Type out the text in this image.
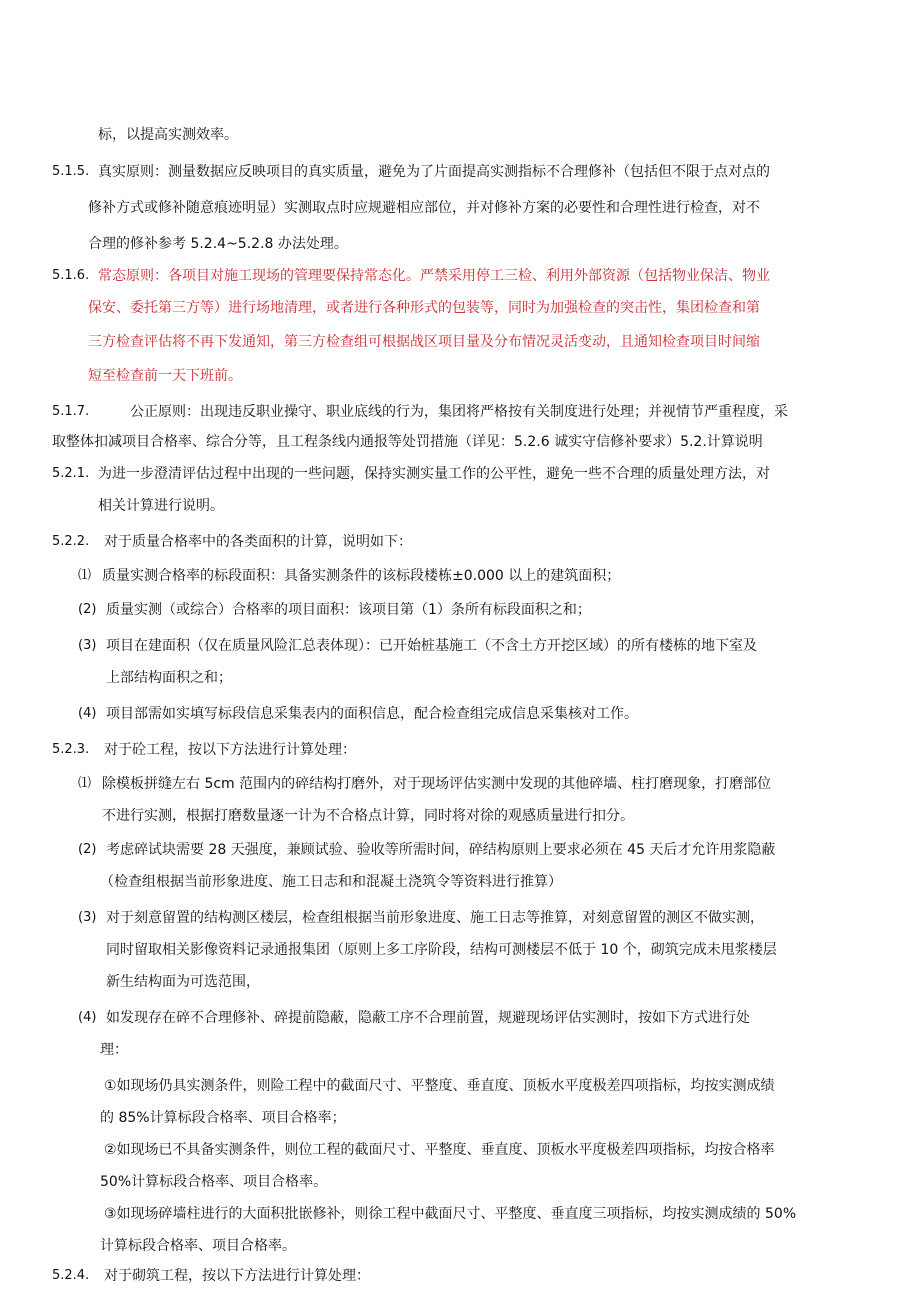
标，以提高实测效率。
5.1.5. 真实原则：测量数据应反映项目的真实质量，避免为了片面提高实测指标不合理修补（包括但不限于点对点的
修补方式或修补随意痕迹明显）实测取点时应规避相应部位，并对修补方案的必要性和合理性进行检查，对不
合理的修补参考 5.2.4~5.2.8 办法处理。
5.1.6. 常态原则：各项目对施工现场的管理要保持常态化。严禁采用停工三检、利用外部资源（包括物业保洁、物业
保安、委托第三方等）进行场地清理，或者进行各种形式的包装等，同时为加强检查的突击性，集团检查和第
三方检查评估将不再下发通知，第三方检查组可根据战区项目量及分布情况灵活变动，且通知检查项目时间缩
短至检查前一天下班前。
5.1.7.	公正原则：出现违反职业操守、职业底线的行为，集团将严格按有关制度进行处理；并视情节严重程度，采
取整体扣减项目合格率、综合分等，且工程条线内通报等处罚措施（详见：5.2.6 诚实守信修补要求）5.2.计算说明
5.2.1. 为进一步澄清评估过程中出现的一些问题，保持实测实量工作的公平性，避免一些不合理的质量处理方法，对
相关计算进行说明。
5.2.2. 对于质量合格率中的各类面积的计算，说明如下：
⑴ 质量实测合格率的标段面积：具备实测条件的该标段楼栋±0.000 以上的建筑面积；
(2) 质量实测（或综合）合格率的项目面积：该项目第（1）条所有标段面积之和；
(3) 项目在建面积（仅在质量风险汇总表体现）：已开始桩基施工（不含土方开挖区域）的所有楼栋的地下室及
上部结构面积之和；
(4) 项目部需如实填写标段信息采集表内的面积信息，配合检查组完成信息采集核对工作。
5.2.3. 对于砼工程，按以下方法进行计算处理：
⑴ 除模板拼缝左右 5cm 范围内的碎结构打磨外，对于现场评估实测中发现的其他碎墙、柱打磨现象，打磨部位
不进行实测，根据打磨数量逐一计为不合格点计算，同时将对徐的观感质量进行扣分。
(2) 考虑碎试块需要 28 天强度，兼顾试验、验收等所需时间，碎结构原则上要求必须在 45 天后才允许用浆隐蔽
（检查组根据当前形象进度、施工日志和和混凝土浇筑令等资料进行推算）
(3) 对于刻意留置的结构测区楼层，检查组根据当前形象进度、施工日志等推算，对刻意留置的测区不做实测，
同时留取相关影像资料记录通报集团（原则上多工序阶段，结构可测楼层不低于 10 个，砌筑完成未甩浆楼层
新生结构面为可选范围，
(4) 如发现存在碎不合理修补、碎提前隐蔽，隐蔽工序不合理前置，规避现场评估实测时，按如下方式进行处
理：
①如现场仍具实测条件，则险工程中的截面尺寸、平整度、垂直度、顶板水平度极差四项指标，均按实测成绩
的 85%计算标段合格率、项目合格率；
②如现场已不具备实测条件，则位工程的截面尺寸、平整度、垂直度、顶板水平度极差四项指标，均按合格率
50%计算标段合格率、项目合格率。
③如现场碎墙柱进行的大面积批嵌修补，则徐工程中截面尺寸、平整度、垂直度三项指标，均按实测成绩的 50%
计算标段合格率、项目合格率。
5.2.4. 对于砌筑工程，按以下方法进行计算处理：
